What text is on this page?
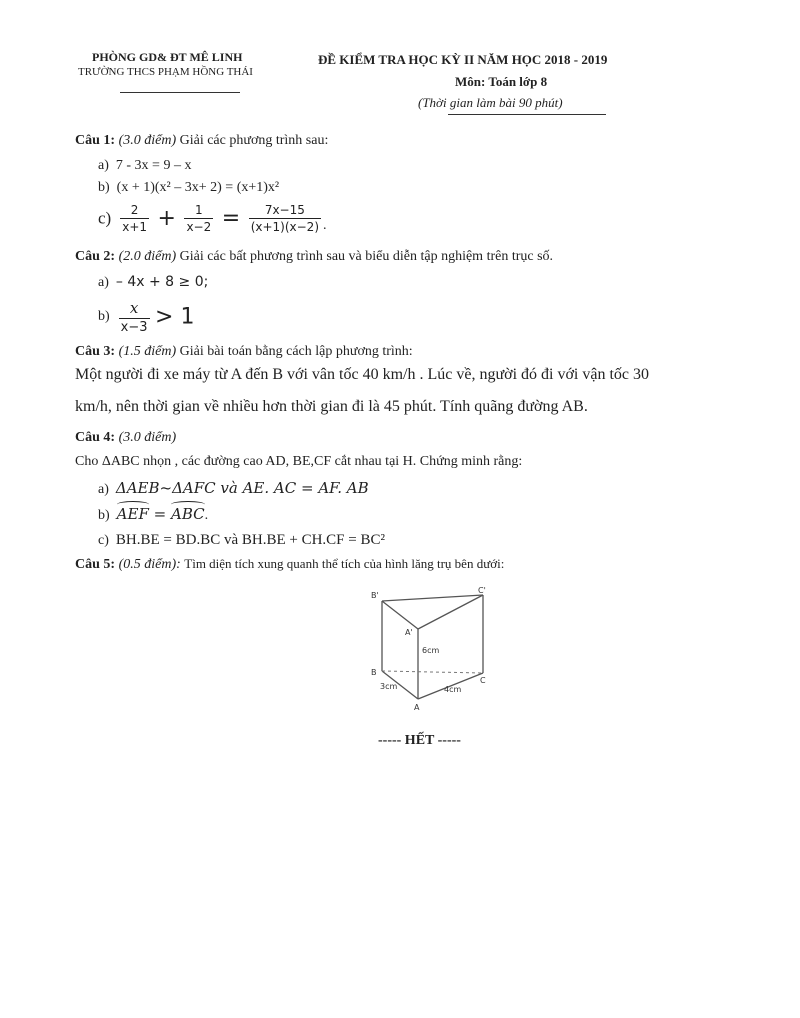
PHÒNG GD& ĐT MÊ LINH
TRƯỜNG THCS PHẠM HỒNG THÁI
ĐỀ KIỂM TRA HỌC KỲ II NĂM HỌC 2018 - 2019
Môn: Toán lớp 8
(Thời gian làm bài 90 phút)
Câu 1: (3.0 điểm) Giải các phương trình sau:
a) 7 - 3x = 9 – x
b) (x + 1)(x² – 3x+ 2) = (x+1)x²
$c) \frac{2}{x+1} + \frac{1}{x-2} = \frac{7x-15}{(x+1)(x-2)}$ .
Câu 2: (2.0 điểm) Giải các bất phương trình sau và biểu diễn tập nghiệm trên trục số.
a) – 4x + 8 ≥ 0;
$b) \frac{x}{x-3} > 1$
Câu 3: (1.5 điểm) Giải bài toán bằng cách lập phương trình:
Một người đi xe máy từ A đến B với vân tốc 40 km/h . Lúc về, người đó đi với vận tốc 30
km/h, nên thời gian về nhiều hơn thời gian đi là 45 phút. Tính quãng đường AB.
Câu 4: (3.0 điểm)
Cho ΔABC nhọn , các đường cao AD, BE,CF cắt nhau tại H. Chứng minh rằng:
a) ΔAEB~ΔAFC và AE. AC = AF. AB
b) AEF = ABC.
c) BH.BE = BD.BC và BH.BE + CH.CF = BC²
Câu 5: (0.5 điểm): Tìm diện tích xung quanh thể tích của hình lăng trụ bên dưới:
B'
C'
A'
B
C
A
6cm
3cm	4cm
----- HẾT -----
